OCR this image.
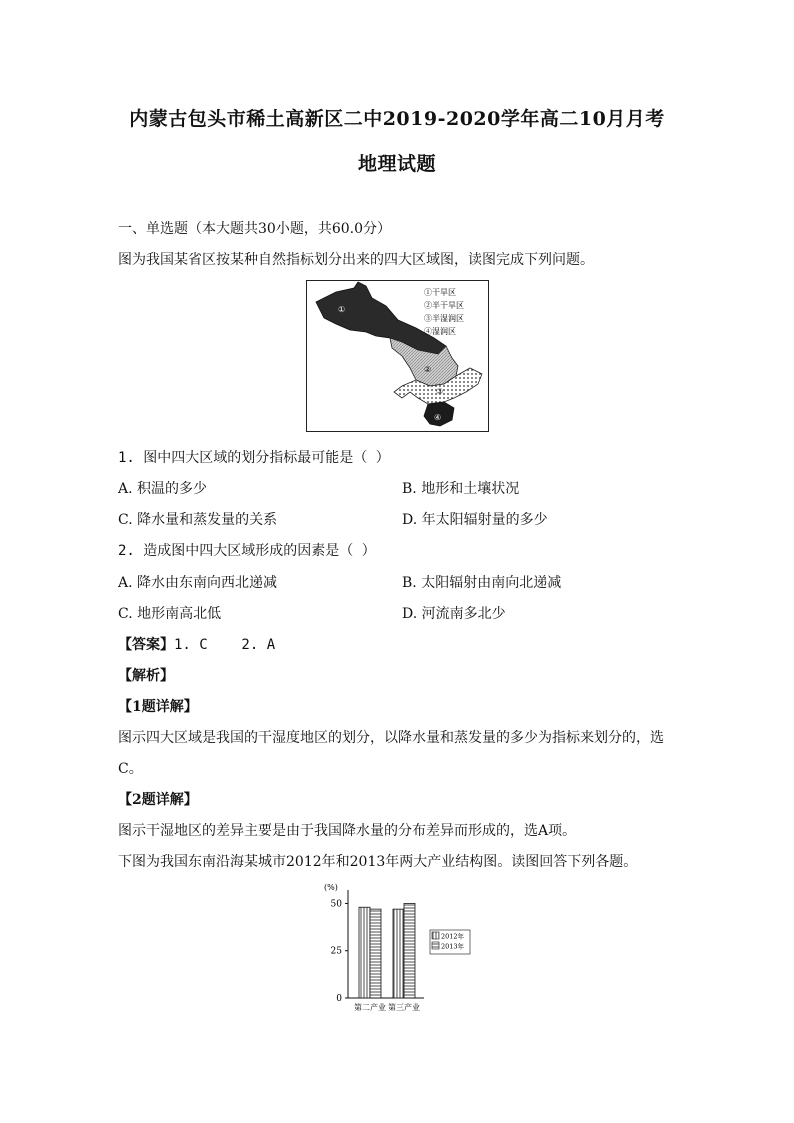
内蒙古包头市稀土高新区二中2019-2020学年高二10月月考
地理试题
一、单选题（本大题共30小题，共60.0分）
图为我国某省区按某种自然指标划分出来的四大区域图，读图完成下列问题。
①
②
③
④
①干旱区
②半干旱区
③半湿润区
④湿润区
1. 图中四大区域的划分指标最可能是（ ）
A. 积温的多少	B. 地形和土壤状况
C. 降水量和蒸发量的关系	D. 年太阳辐射量的多少
2. 造成图中四大区域形成的因素是（ ）
A. 降水由东南向西北递减	B. 太阳辐射由南向北递减
C. 地形南高北低	D. 河流南多北少
【答案】1. C    2. A
【解析】
【1题详解】
图示四大区域是我国的干湿度地区的划分，以降水量和蒸发量的多少为指标来划分的，选
C。
【2题详解】
图示干湿地区的差异主要是由于我国降水量的分布差异而形成的，选A项。
下图为我国东南沿海某城市2012年和2013年两大产业结构图。读图回答下列各题。
(%)
0
25
50
第二产业 第三产业
2012年
2013年
